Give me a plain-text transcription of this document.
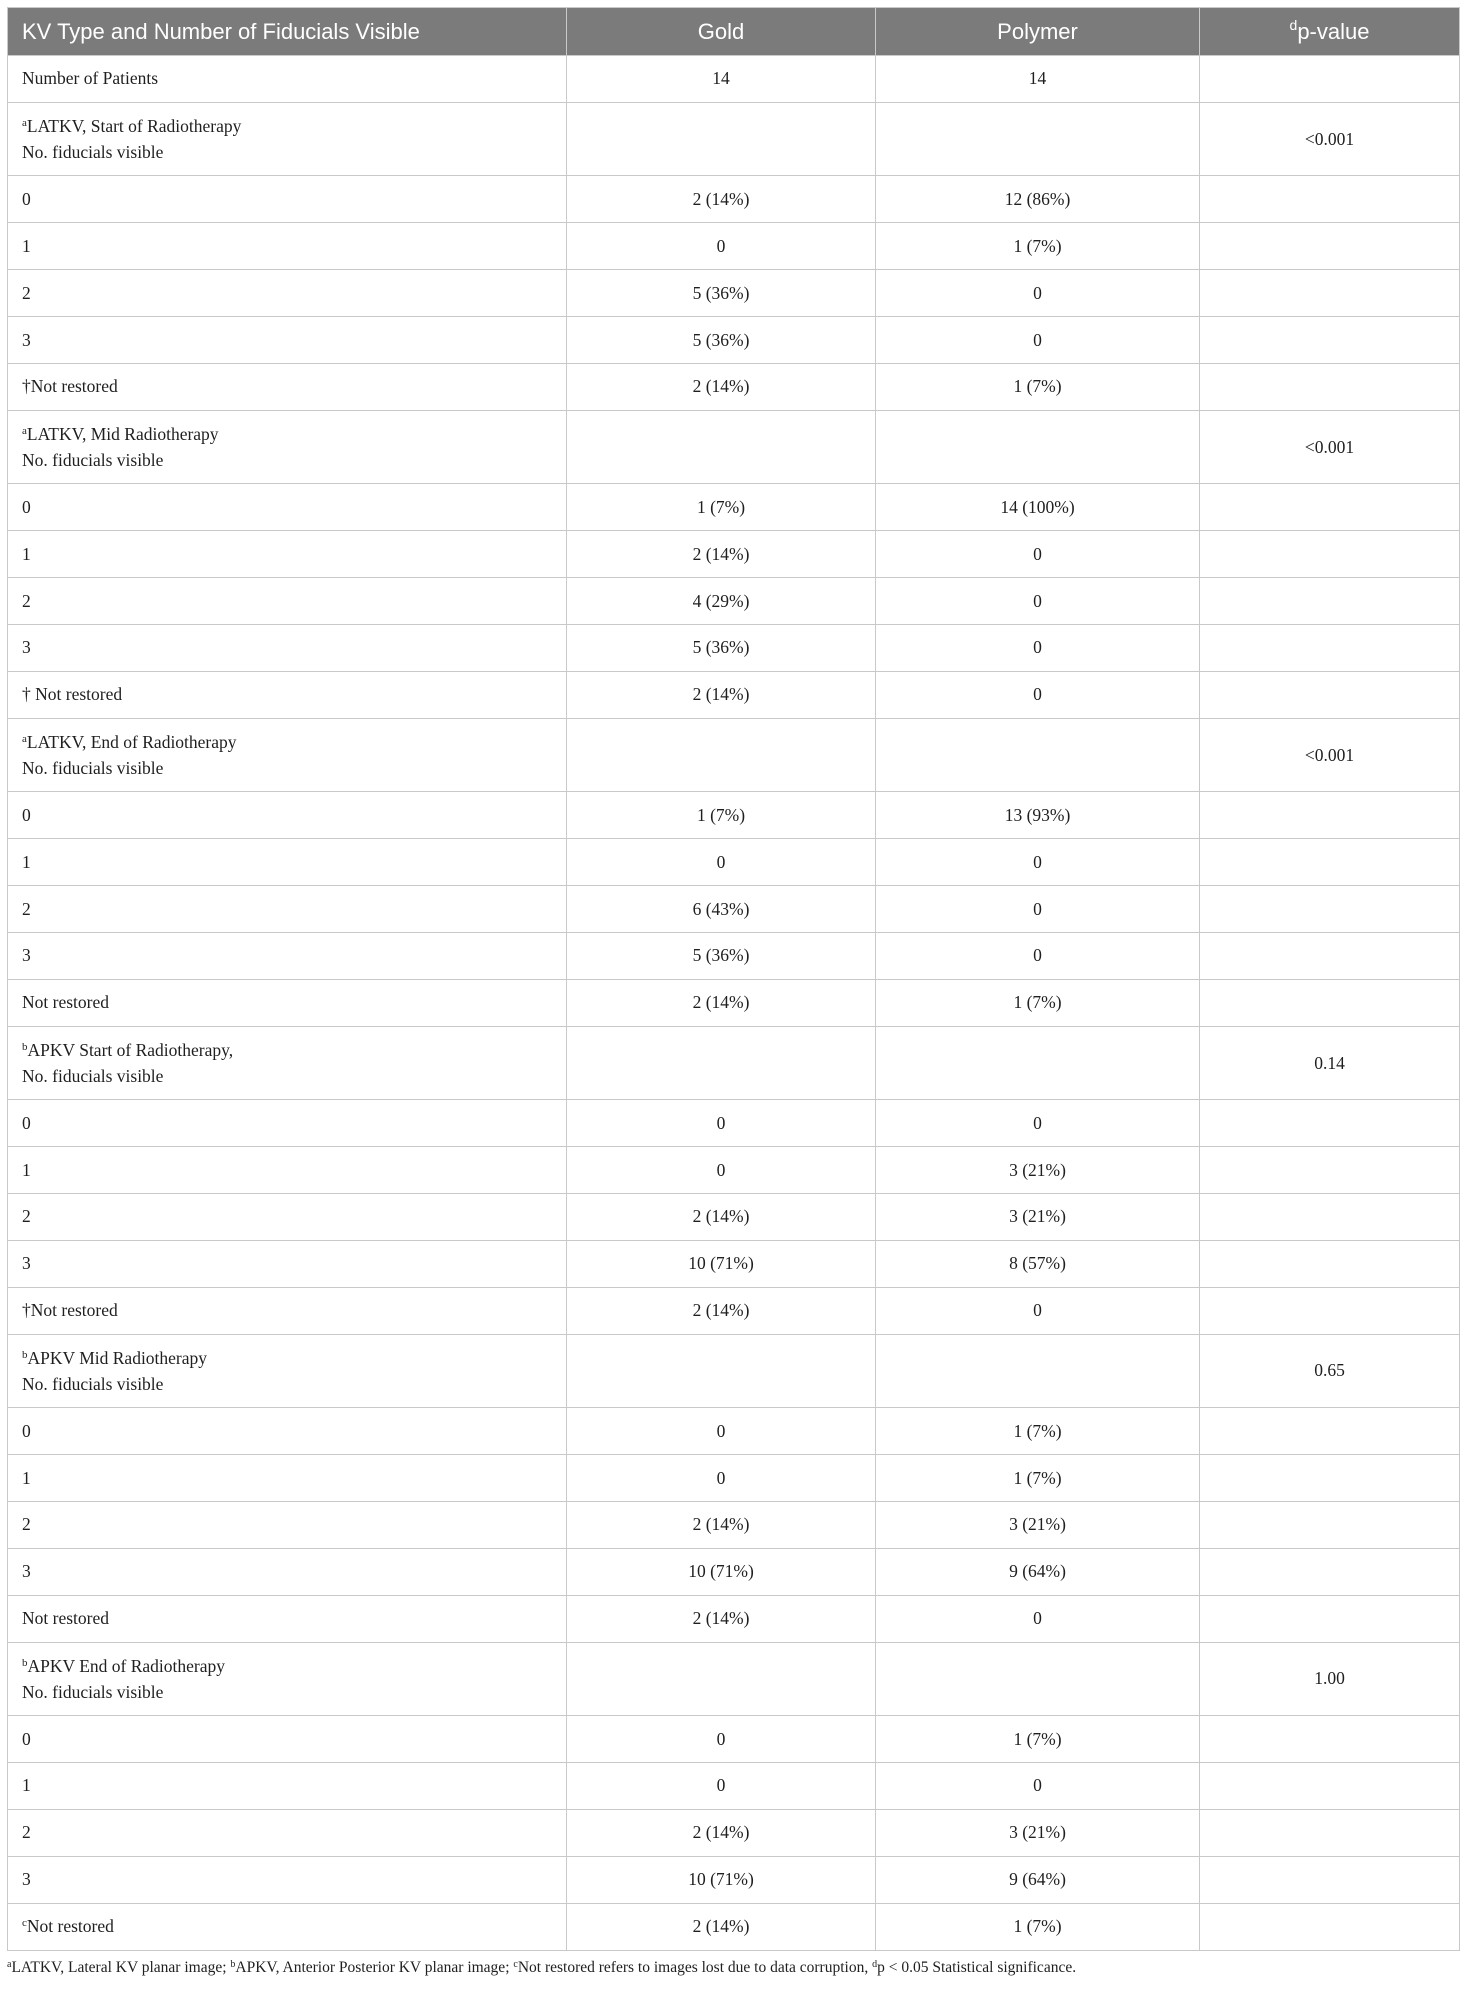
KV Type and Number of Fiducials Visible	Gold	Polymer	$^d$p-value
Number of Patients	14	14	

$^a$LATKV, Start of Radiotherapy
No. fiducials visible			<0.001
0	2 (14%)	12 (86%)	
1	0	1 (7%)	
2	5 (36%)	0	
3	5 (36%)	0	
†Not restored	2 (14%)	1 (7%)	

$^a$LATKV, Mid Radiotherapy
No. fiducials visible			<0.001
0	1 (7%)	14 (100%)	
1	2 (14%)	0	
2	4 (29%)	0	
3	5 (36%)	0	
† Not restored	2 (14%)	0	

$^a$LATKV, End of Radiotherapy
No. fiducials visible			<0.001
0	1 (7%)	13 (93%)	
1	0	0	
2	6 (43%)	0	
3	5 (36%)	0	
Not restored	2 (14%)	1 (7%)	

$^b$APKV Start of Radiotherapy,
No. fiducials visible			0.14
0	0	0	
1	0	3 (21%)	
2	2 (14%)	3 (21%)	
3	10 (71%)	8 (57%)	
†Not restored	2 (14%)	0	

$^b$APKV Mid Radiotherapy
No. fiducials visible			0.65
0	0	1 (7%)	
1	0	1 (7%)	
2	2 (14%)	3 (21%)	
3	10 (71%)	9 (64%)	
Not restored	2 (14%)	0	

$^b$APKV End of Radiotherapy
No. fiducials visible			1.00
0	0	1 (7%)	
1	0	0	
2	2 (14%)	3 (21%)	
3	10 (71%)	9 (64%)	
$^c$Not restored	2 (14%)	1 (7%)	
$^a$LATKV, Lateral KV planar image; $^b$APKV, Anterior Posterior KV planar image; $^c$Not restored refers to images lost due to data corruption, $^d$p < 0.05 Statistical significance.
